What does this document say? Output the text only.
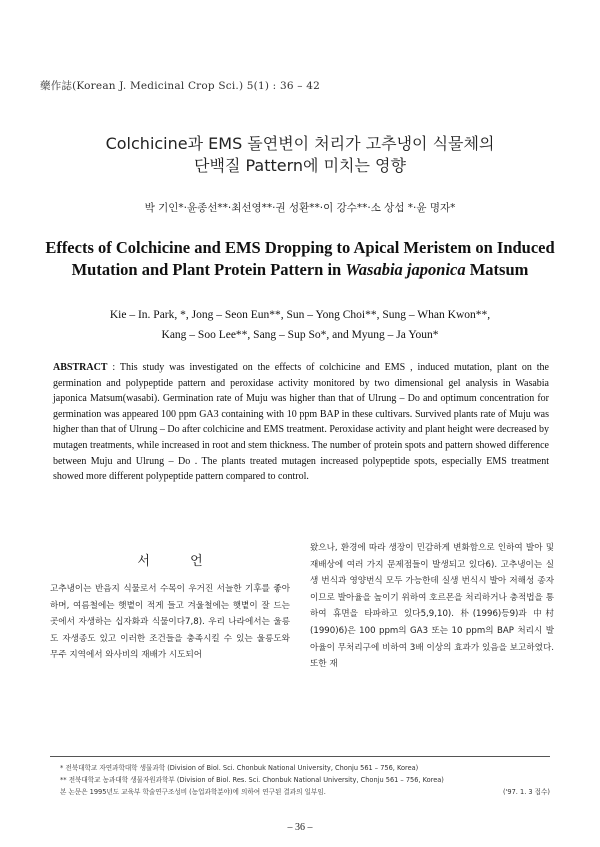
藥作誌(Korean J. Medicinal Crop Sci.) 5(1) : 36 – 42
Colchicine과 EMS 돌연변이 처리가 고추냉이 식물체의
단백질 Pattern에 미치는 영향
박 기인*·윤종선**·최선영**·권 성환**·이 강수**·소 상섭 *·윤 명자*
Effects of Colchicine and EMS Dropping to Apical Meristem on Induced
Mutation and Plant Protein Pattern in Wasabia japonica Matsum
Kie – In. Park, *, Jong – Seon Eun**, Sun – Yong Choi**, Sung – Whan Kwon**,
Kang – Soo Lee**, Sang – Sup So*, and Myung – Ja Youn*
ABSTRACT : This study was investigated on the effects of colchicine and EMS , induced mutation, plant on the germination and polypeptide pattern and peroxidase activity monitored by two dimensional gel analysis in Wasabia japonica Matsum(wasabi). Germination rate of Muju was higher than that of Ulrung – Do and optimum concentration for germination was appeared 100 ppm GA3 containing with 10 ppm BAP in these cultivars. Survived plants rate of Muju was higher than that of Ulrung – Do after colchicine and EMS treatment. Peroxidase activity and plant height were decreased by mutagen treatments, while increased in root and stem thickness. The number of protein spots and pattern showed difference between Muju and Ulrung – Do . The plants treated mutagen increased polypeptide spots, especially EMS treatment showed more different polypeptide pattern compared to control.
서 언
고추냉이는 반음지 식물로서 수목이 우거진 서늘한 기후를 좋아하며, 여름철에는 햇볕이 적게 들고 겨울철에는 햇볕이 잘 드는 곳에서 자생하는 십자화과 식물이다7,8). 우리 나라에서는 울릉도 자생종도 있고 이러한 조건들을 충족시킬 수 있는 울릉도와 무주 지역에서 와사비의 재배가 시도되어
왔으나, 환경에 따라 생장이 민감하게 변화함으로 인하여 발아 및 재배상에 여러 가지 문제점들이 발생되고 있다6). 고추냉이는 실생 번식과 영양번식 모두 가능한데 실생 번식시 발아 저해성 종자이므로 발아율을 높이기 위하여 호르몬을 처리하거나 충적법을 통하여 휴면을 타파하고 있다5,9,10). 朴(1996)등9)과 中村(1990)6)은 100 ppm의 GA3 또는 10 ppm의 BAP 처리시 발아율이 무처리구에 비하여 3배 이상의 효과가 있음을 보고하였다. 또한 재
* 전북대학교 자연과학대학 생물과학 (Division of Biol. Sci. Chonbuk National University, Chonju 561 – 756, Korea)
** 전북대학교 농과대학 생물자원과학부 (Division of Biol. Res. Sci. Chonbuk National University, Chonju 561 – 756, Korea)
본 논문은 1995년도 교육부 학술연구조성비 (농업과학분야)에 의하여 연구된 결과의 일부임.	('97. 1. 3 접수)
– 36 –
